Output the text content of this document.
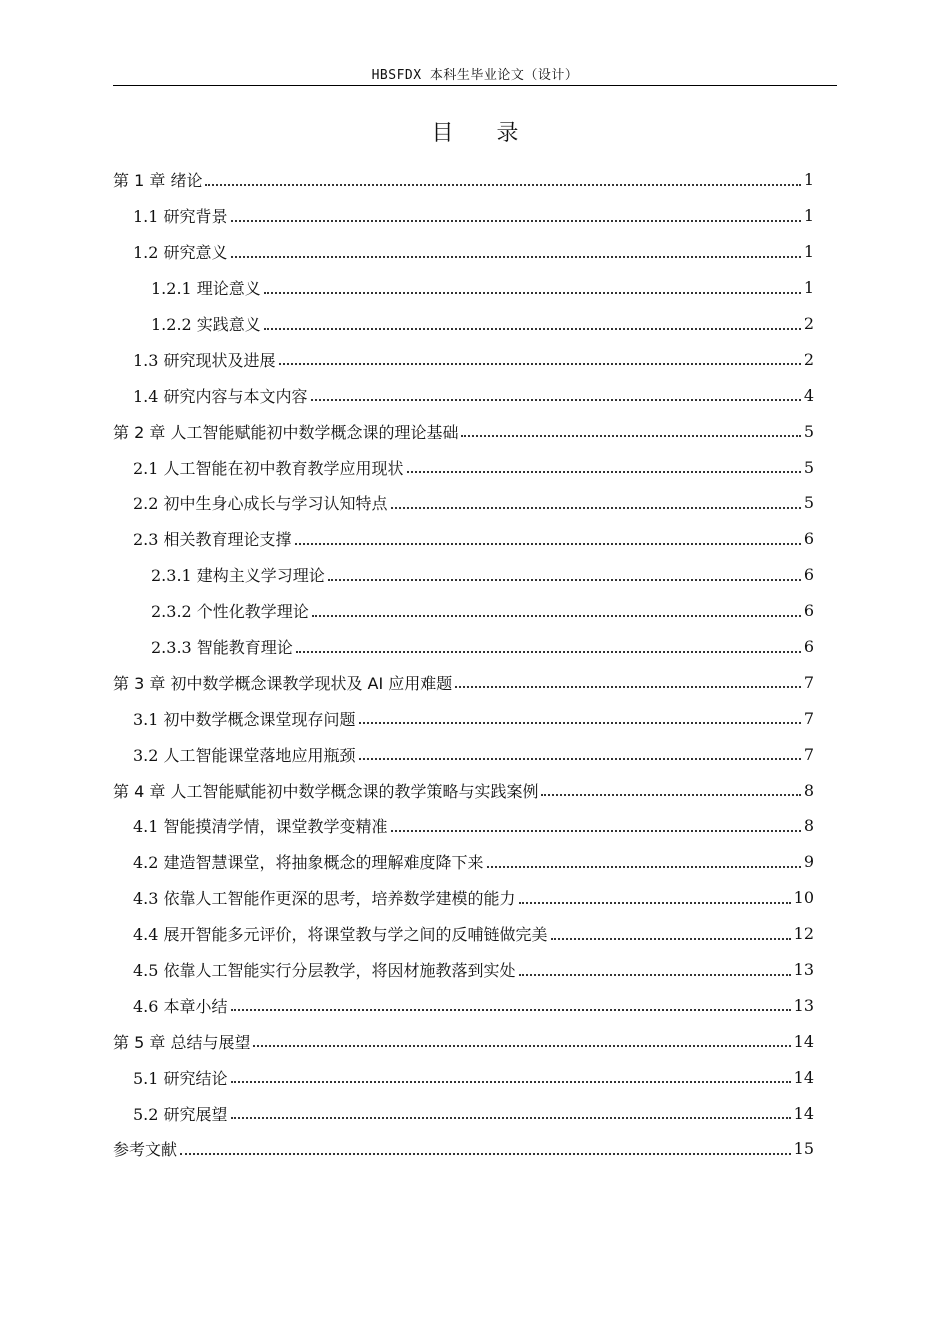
HBSFDX 本科生毕业论文（设计）
目 录
第 1 章 绪论	1
1.1 研究背景	1
1.2 研究意义	1
1.2.1 理论意义	1
1.2.2 实践意义	2
1.3 研究现状及进展	2
1.4 研究内容与本文内容	4
第 2 章 人工智能赋能初中数学概念课的理论基础	5
2.1 人工智能在初中教育教学应用现状	5
2.2 初中生身心成长与学习认知特点	5
2.3 相关教育理论支撑	6
2.3.1 建构主义学习理论	6
2.3.2 个性化教学理论	6
2.3.3 智能教育理论	6
第 3 章 初中数学概念课教学现状及 AI 应用难题	7
3.1 初中数学概念课堂现存问题	7
3.2 人工智能课堂落地应用瓶颈	7
第 4 章 人工智能赋能初中数学概念课的教学策略与实践案例	8
4.1 智能摸清学情，课堂教学变精准	8
4.2 建造智慧课堂，将抽象概念的理解难度降下来	9
4.3 依靠人工智能作更深的思考，培养数学建模的能力	10
4.4 展开智能多元评价，将课堂教与学之间的反哺链做完美	12
4.5 依靠人工智能实行分层教学，将因材施教落到实处	13
4.6 本章小结	13
第 5 章 总结与展望	14
5.1 研究结论	14
5.2 研究展望	14
参考文献	15
